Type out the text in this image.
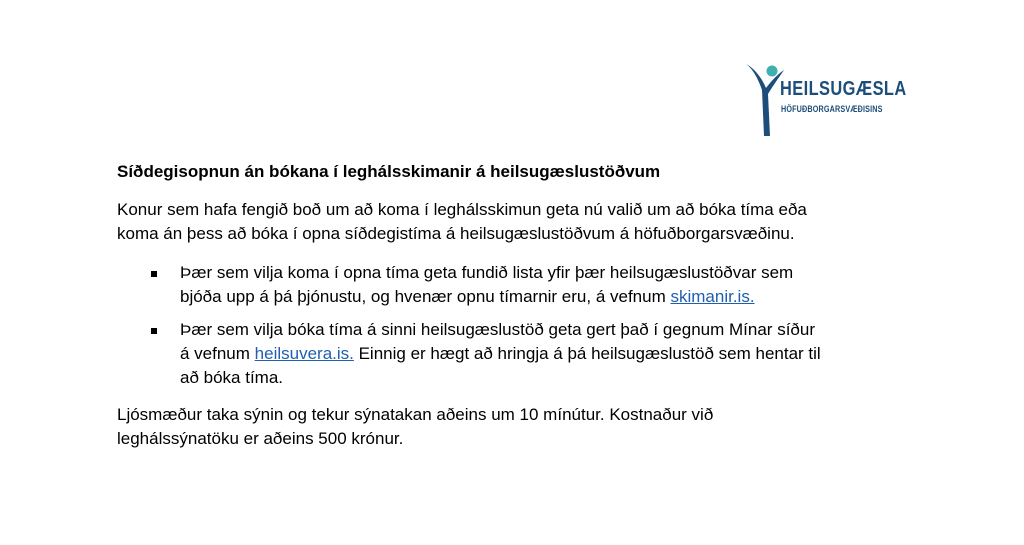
HEILSUGÆSLA
HÖFUÐBORGARSVÆÐISINS
Síðdegisopnun án bókana í leghálsskimanir á heilsugæslustöðvum
Konur sem hafa fengið boð um að koma í leghálsskimun geta nú valið um að bóka tíma eða
koma án þess að bóka í opna síðdegistíma á heilsugæslustöðvum á höfuðborgarsvæðinu.
Þær sem vilja koma í opna tíma geta fundið lista yfir þær heilsugæslustöðvar sem
bjóða upp á þá þjónustu, og hvenær opnu tímarnir eru, á vefnum skimanir.is.
Þær sem vilja bóka tíma á sinni heilsugæslustöð geta gert það í gegnum Mínar síður
á vefnum heilsuvera.is. Einnig er hægt að hringja á þá heilsugæslustöð sem hentar til
að bóka tíma.
Ljósmæður taka sýnin og tekur sýnatakan aðeins um 10 mínútur. Kostnaður við
leghálssýnatöku er aðeins 500 krónur.
